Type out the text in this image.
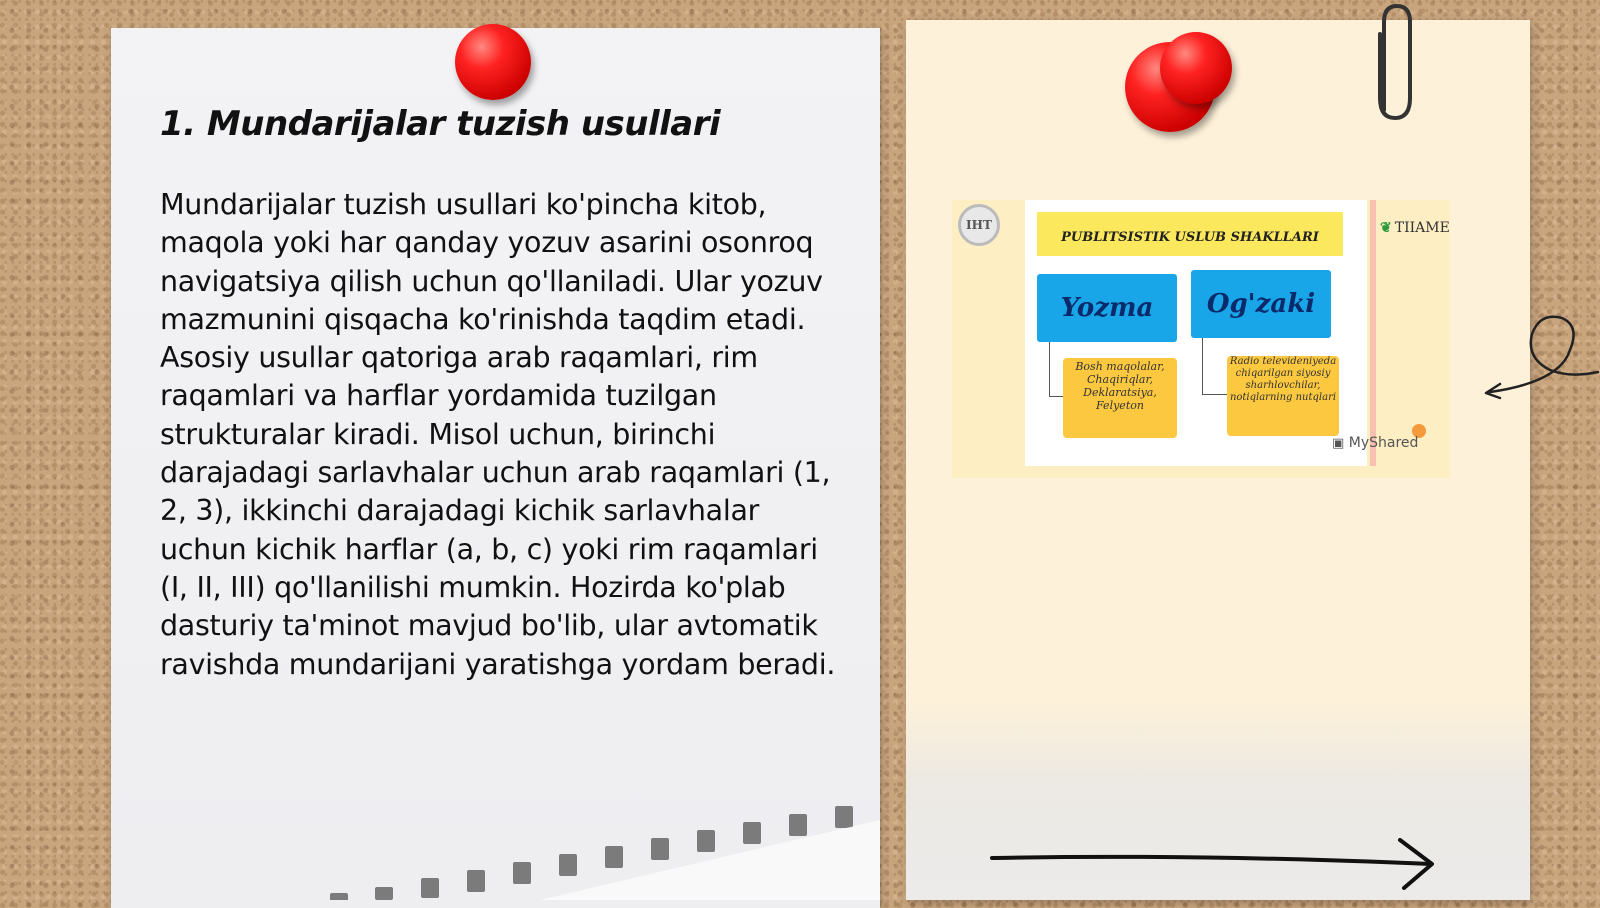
1. Mundarijalar tuzish usullari

Mundarijalar tuzish usullari ko'pincha kitob, maqola yoki har qanday yozuv asarini osonroq navigatsiya qilish uchun qo'llaniladi. Ular yozuv mazmunini qisqacha ko'rinishda taqdim etadi. Asosiy usullar qatoriga arab raqamlari, rim raqamlari va harflar yordamida tuzilgan strukturalar kiradi. Misol uchun, birinchi darajadagi sarlavhalar uchun arab raqamlari (1, 2, 3), ikkinchi darajadagi kichik sarlavhalar uchun kichik harflar (a, b, c) yoki rim raqamlari (I, II, III) qo'llanilishi mumkin. Hozirda ko'plab dasturiy ta'minot mavjud bo'lib, ular avtomatik ravishda mundarijani yaratishga yordam beradi.

IHT
PUBLITSISTIK USLUB SHAKLLARI
Yozma	Og'zaki
Bosh maqolalar, Chaqiriqlar, Deklaratsiya, Felyeton
Radio televideniyeda chiqarilgan siyosiy sharhlovchilar, notiqlarning nutqlari
❦ TIIAME
▣ MyShared
